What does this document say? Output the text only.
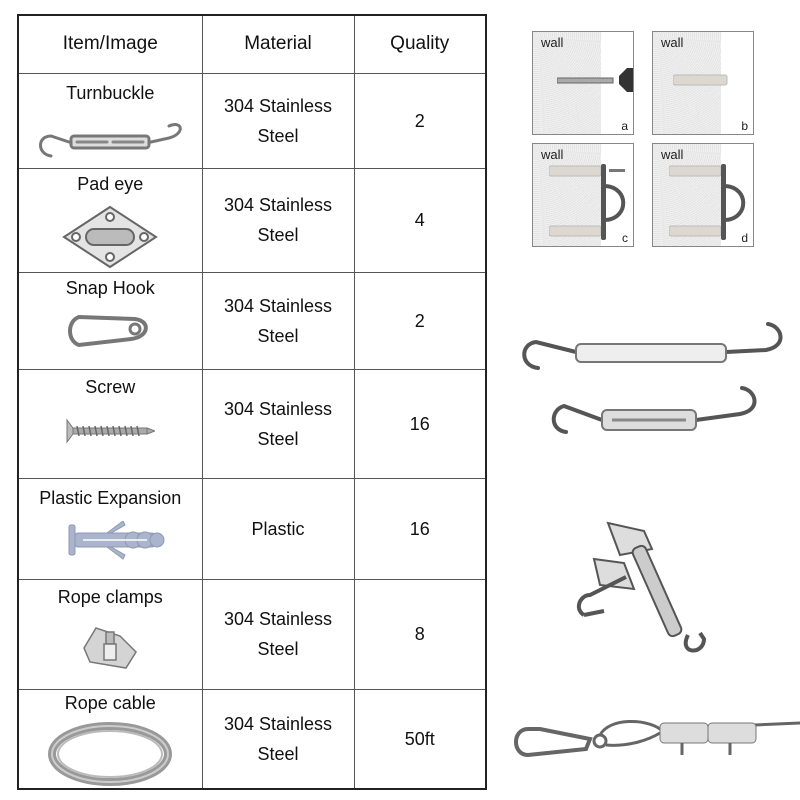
Item/Image	Material	Quality

Turnbuckle	304 Stainless
Steel	2

Pad eye	304 Stainless
Steel	4

Snap Hook	304 Stainless
Steel	2

Screw	304 Stainless
Steel	16

Plastic Expansion	Plastic	16

Rope clamps	304 Stainless
Steel	8

Rope cable	304 Stainless
Steel	50ft
wall
a
wall
b
wall
c
wall
d
